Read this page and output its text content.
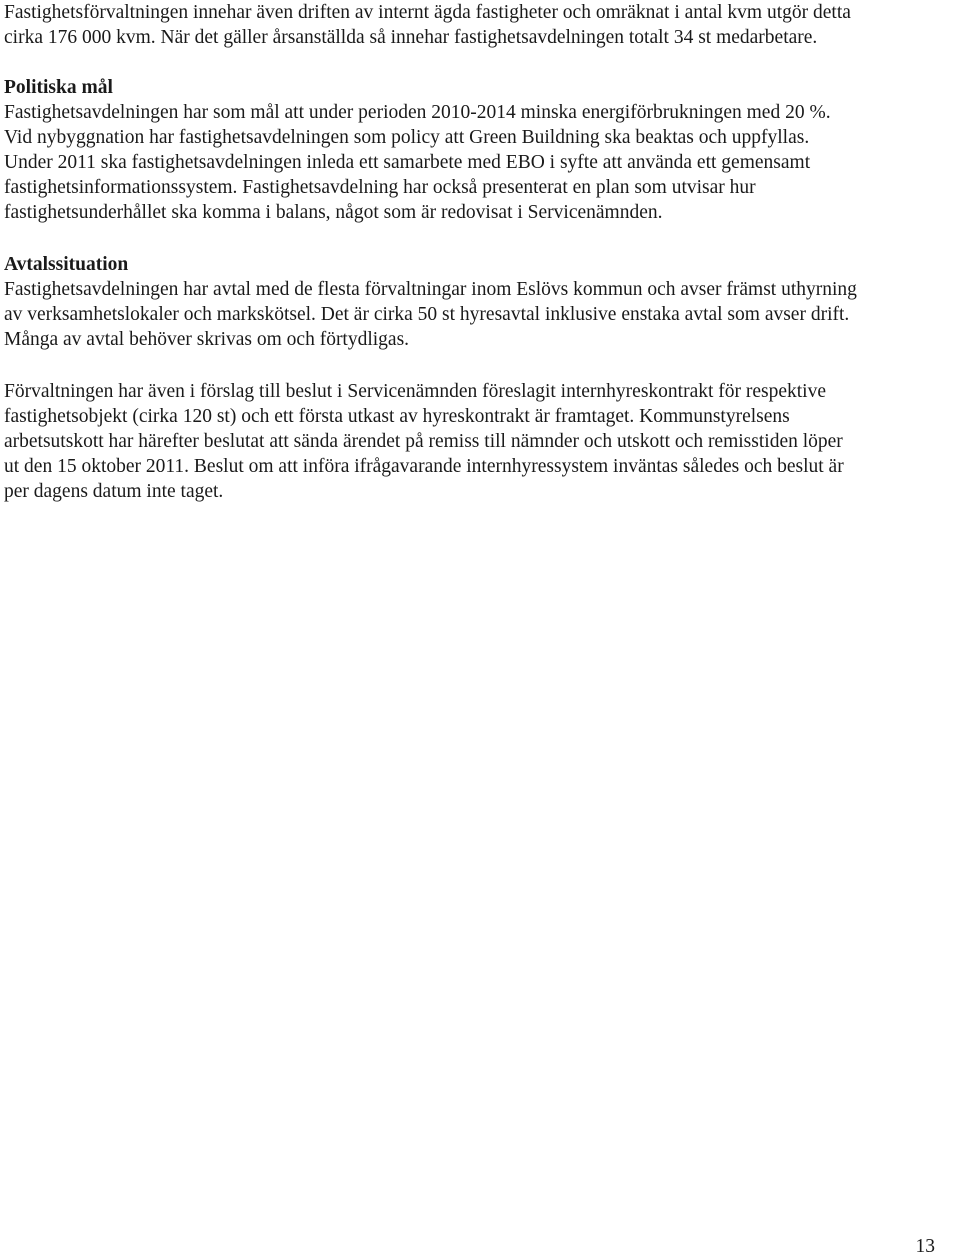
Fastighetsförvaltningen innehar även driften av internt ägda fastigheter och omräknat i antal kvm utgör detta
cirka 176 000 kvm. När det gäller årsanställda så innehar fastighetsavdelningen totalt 34 st medarbetare.
Politiska mål
Fastighetsavdelningen har som mål att under perioden 2010-2014 minska energiförbrukningen med 20 %.
Vid nybyggnation har fastighetsavdelningen som policy att Green Buildning ska beaktas och uppfyllas.
Under 2011 ska fastighetsavdelningen inleda ett samarbete med EBO i syfte att använda ett gemensamt
fastighetsinformationssystem. Fastighetsavdelning har också presenterat en plan som utvisar hur
fastighetsunderhållet ska komma i balans, något som är redovisat i Servicenämnden.
Avtalssituation
Fastighetsavdelningen har avtal med de flesta förvaltningar inom Eslövs kommun och avser främst uthyrning
av verksamhetslokaler och markskötsel. Det är cirka 50 st hyresavtal inklusive enstaka avtal som avser drift.
Många av avtal behöver skrivas om och förtydligas.
Förvaltningen har även i förslag till beslut i Servicenämnden föreslagit internhyreskontrakt för respektive
fastighetsobjekt (cirka 120 st) och ett första utkast av hyreskontrakt är framtaget. Kommunstyrelsens
arbetsutskott har härefter beslutat att sända ärendet på remiss till nämnder och utskott och remisstiden löper
ut den 15 oktober 2011. Beslut om att införa ifrågavarande internhyressystem inväntas således och beslut är
per dagens datum inte taget.
13
